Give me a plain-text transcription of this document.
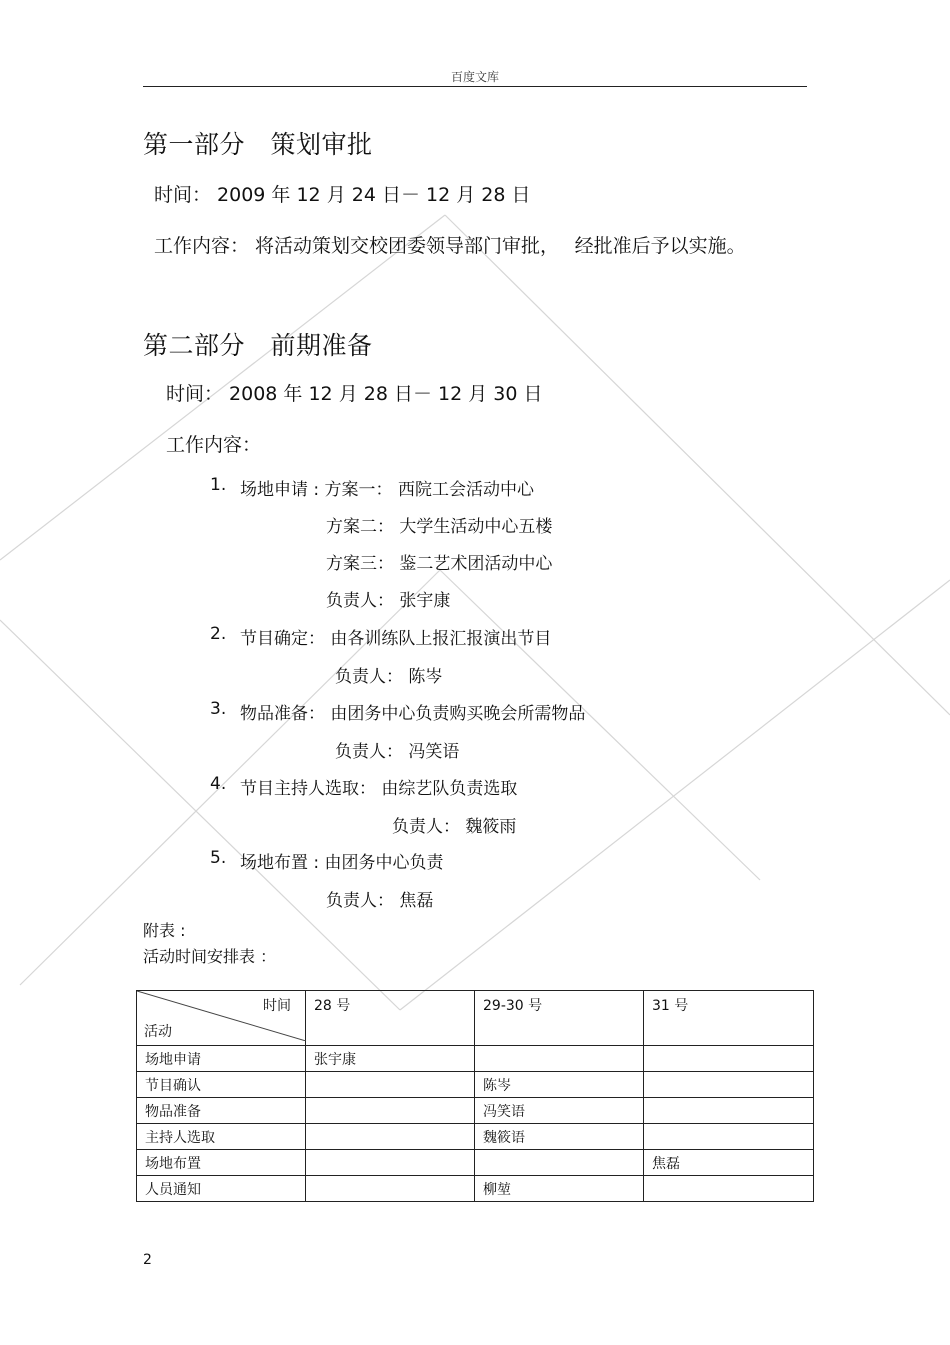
百度文库
第一部分　策划审批
时间： 2009 年 12 月 24 日－ 12 月 28 日
工作内容： 将活动策划交校团委领导部门审批，　 经批准后予以实施。
第二部分　前期准备
时间： 2008 年 12 月 28 日－ 12 月 30 日
工作内容：
1. 场地申请 : 方案一： 西院工会活动中心
方案二： 大学生活动中心五楼
方案三： 鉴二艺术团活动中心
负责人： 张宇康
2. 节目确定： 由各训练队上报汇报演出节目
负责人： 陈岑
3. 物品准备： 由团务中心负责购买晚会所需物品
负责人： 冯笑语
4. 节目主持人选取： 由综艺队负责选取
负责人： 魏筱雨
5. 场地布置 : 由团务中心负责
负责人： 焦磊
附表 :
活动时间安排表 ：
时间
活动	28 号	29-30 号	31 号
场地申请	张宇康		
节目确认		陈岑	
物品准备		冯笑语	
主持人选取		魏筱语	
场地布置			焦磊
人员通知		柳堃	
2
